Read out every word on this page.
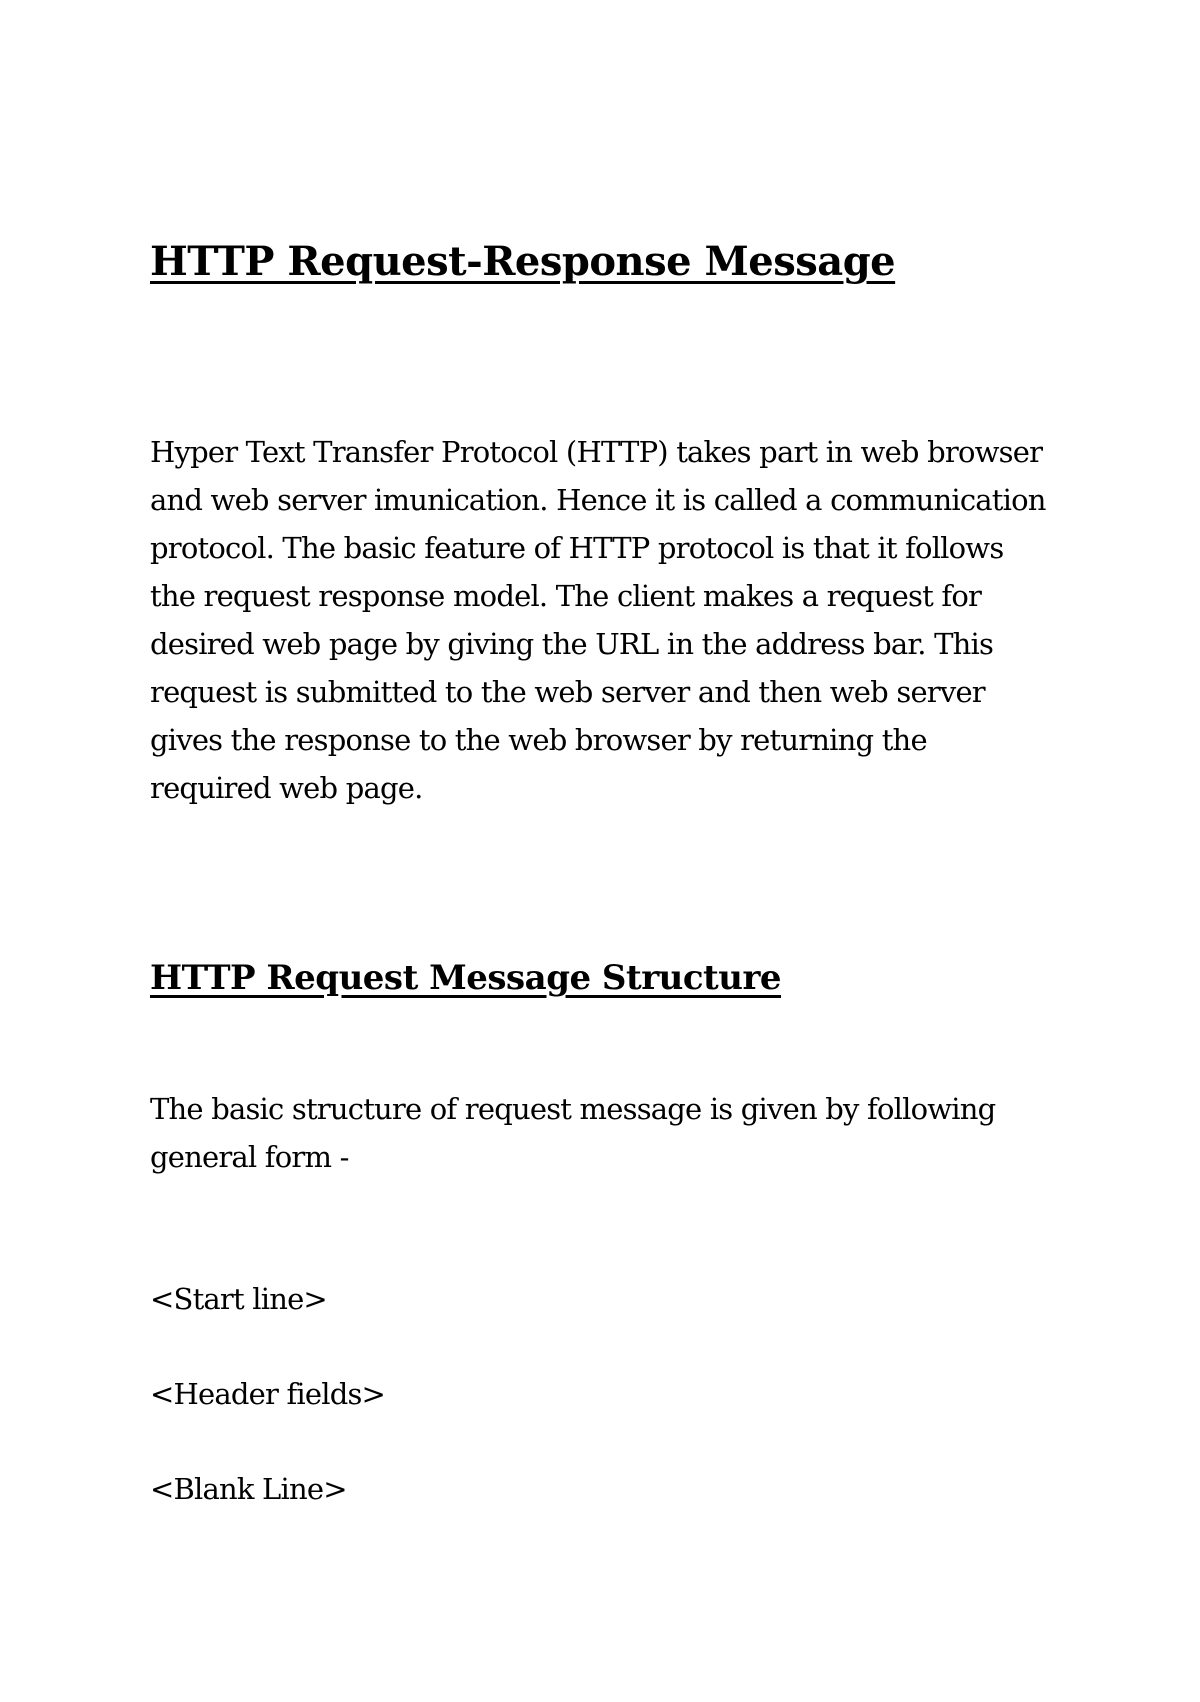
HTTP Request-Response Message

Hyper Text Transfer Protocol (HTTP) takes part in web browser and web server imunication. Hence it is called a communication protocol. The basic feature of HTTP protocol is that it follows the request response model. The client makes a request for desired web page by giving the URL in the address bar. This request is submitted to the web server and then web server gives the response to the web browser by returning the required web page.

HTTP Request Message Structure

The basic structure of request message is given by following general form -

<Start line>
<Header fields>
<Blank Line>
